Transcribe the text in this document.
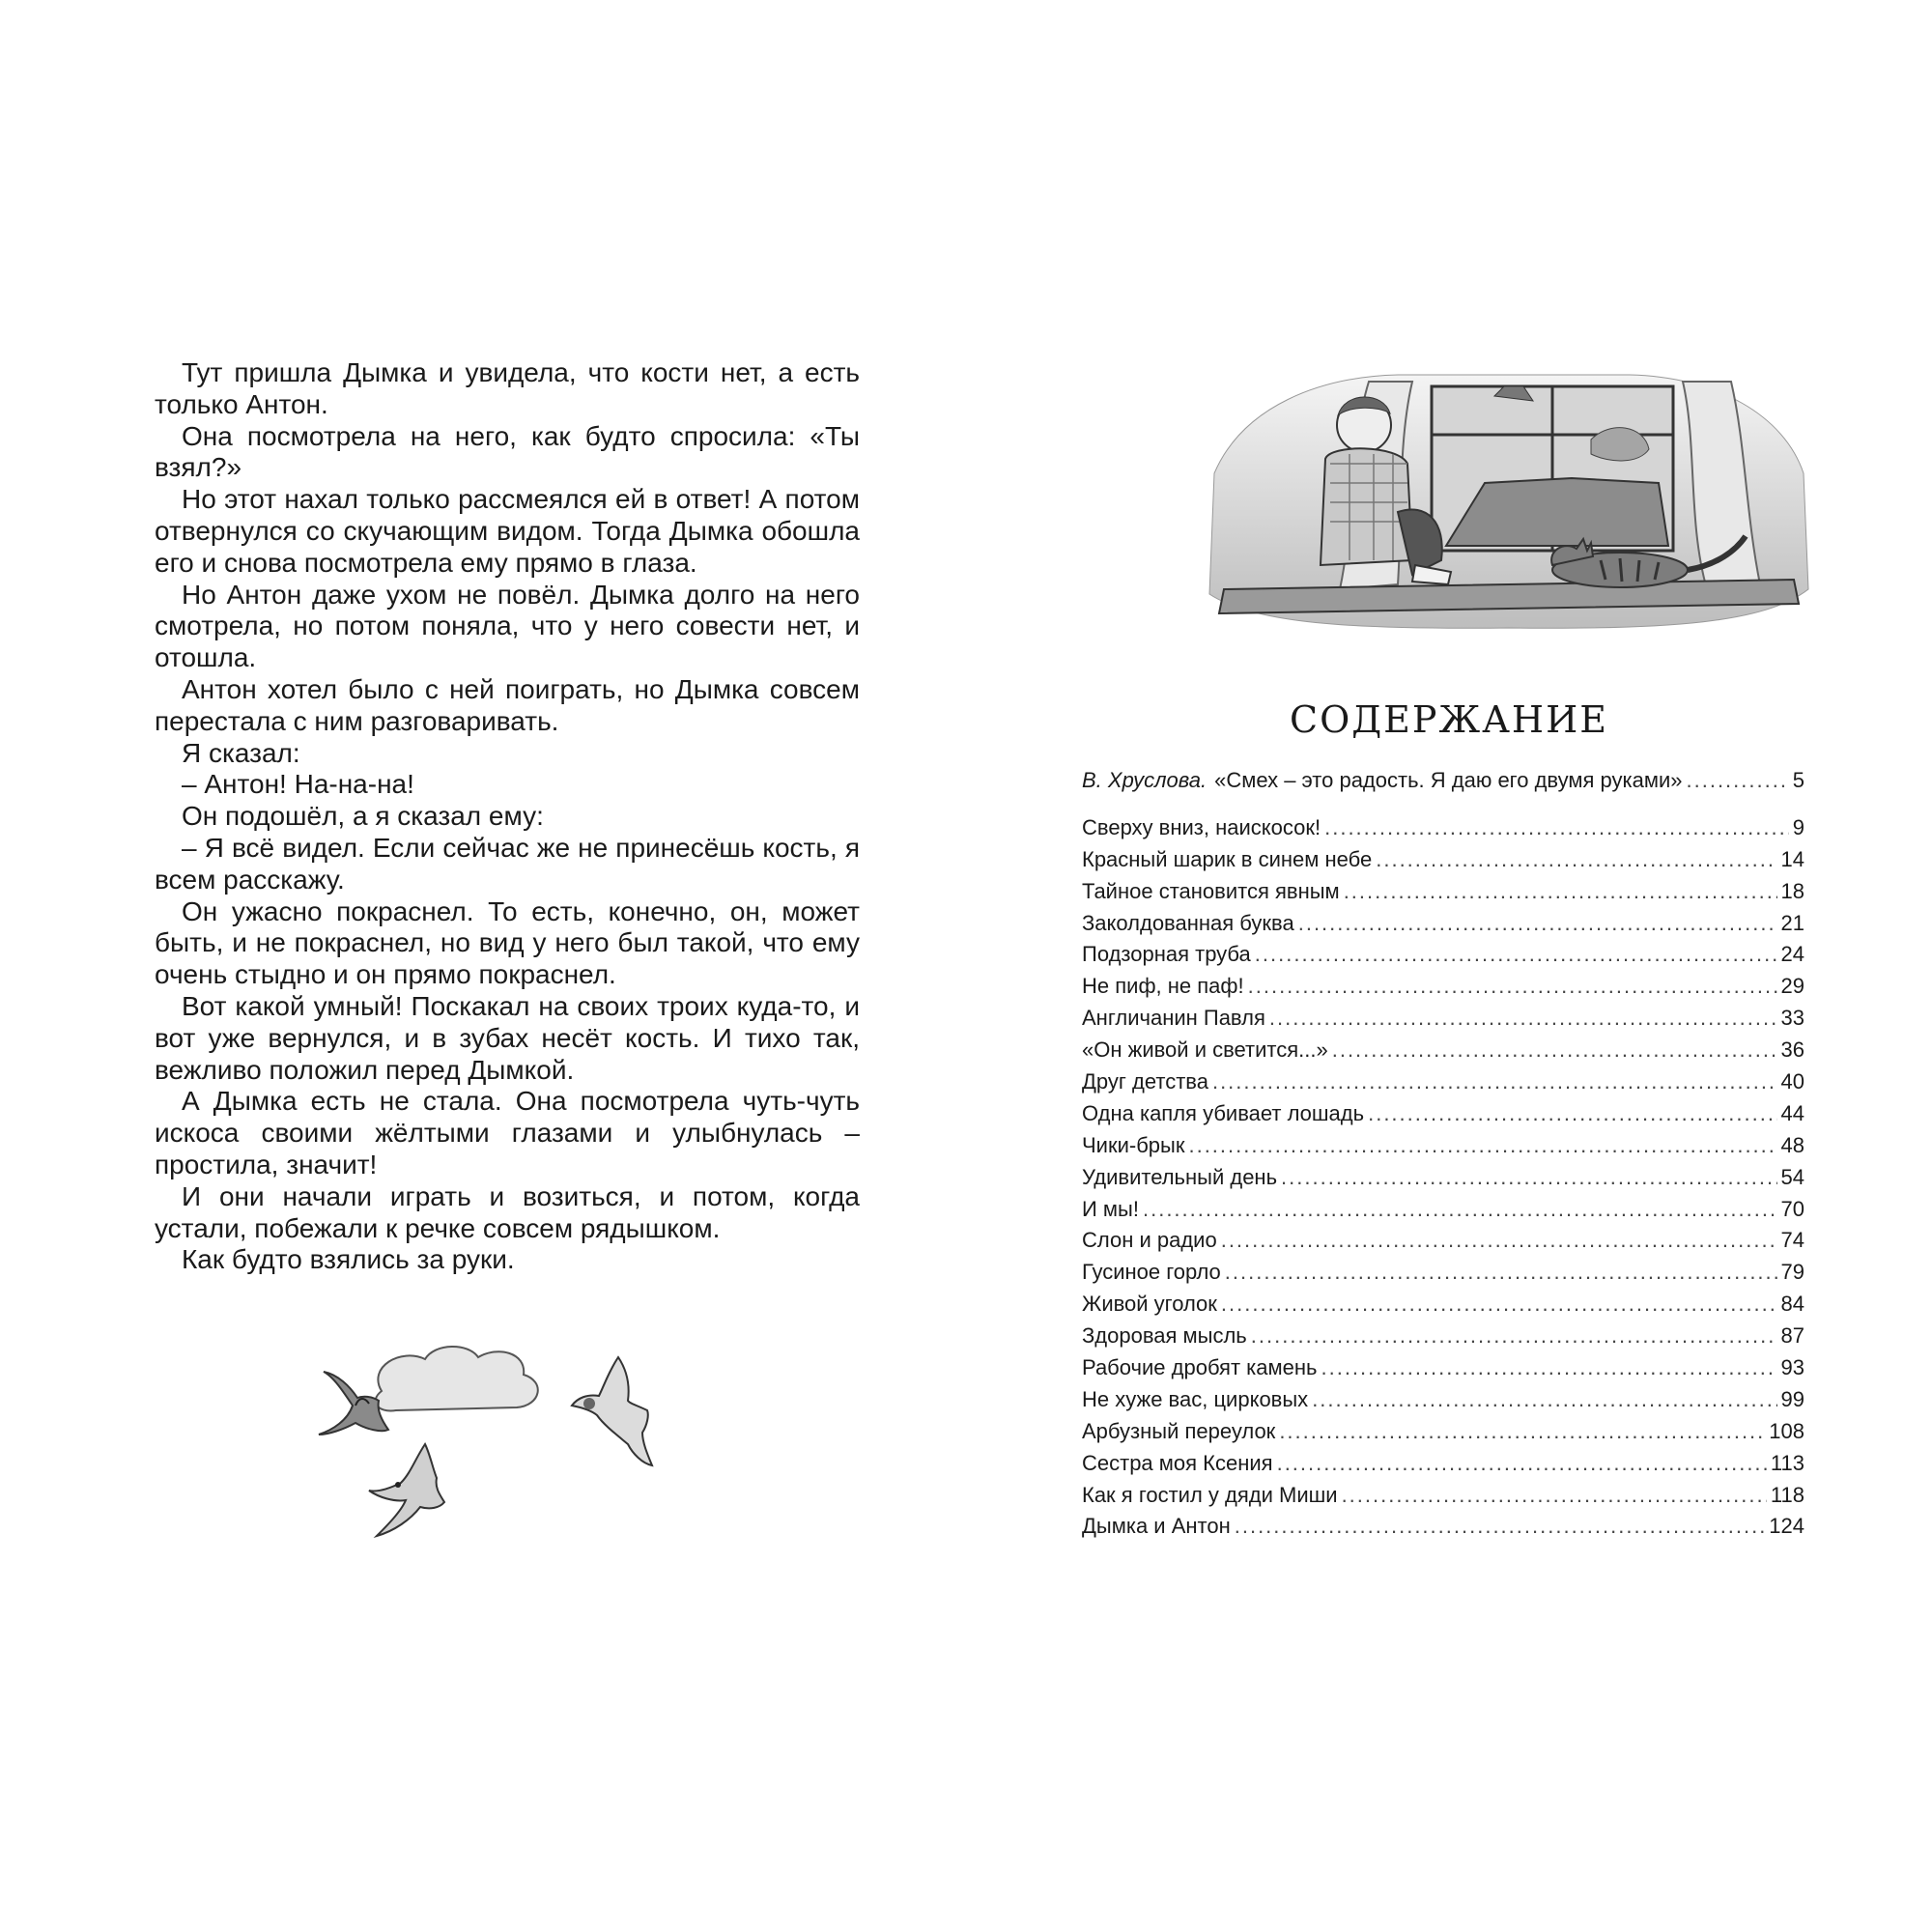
Тут пришла Дымка и увидела, что кости нет, а есть только Антон.

Она посмотрела на него, как будто спросила: «Ты взял?»

Но этот нахал только рассмеялся ей в ответ! А потом отвернулся со скучающим видом. Тогда Дымка обошла его и снова посмотрела ему прямо в глаза.

Но Антон даже ухом не повёл. Дымка долго на него смотрела, но потом поняла, что у него совести нет, и отошла.

Антон хотел было с ней поиграть, но Дымка совсем перестала с ним разговаривать.

Я сказал:

– Антон! На-на-на!

Он подошёл, а я сказал ему:

– Я всё видел. Если сейчас же не принесёшь кость, я всем расскажу.

Он ужасно покраснел. То есть, конечно, он, может быть, и не покраснел, но вид у него был такой, что ему очень стыдно и он прямо покраснел.

Вот какой умный! Поскакал на своих троих куда-то, и вот уже вернулся, и в зубах несёт кость. И тихо так, вежливо положил перед Дымкой.

А Дымка есть не стала. Она посмотрела чуть-чуть искоса своими жёлтыми глазами и улыбнулась – простила, значит!

И они начали играть и возиться, и потом, когда устали, побежали к речке совсем рядышком.

Как будто взялись за руки.

СОДЕРЖАНИЕ
В. Хруслова. «Смех – это радость. Я даю его двумя руками» .....	5
Сверху вниз, наискосок! .....	9
Красный шарик в синем небе .....	14
Тайное становится явным .....	18
Заколдованная буква .....	21
Подзорная труба .....	24
Не пиф, не паф! .....	29
Англичанин Павля .....	33
«Он живой и светится...» .....	36
Друг детства .....	40
Одна капля убивает лошадь .....	44
Чики-брык .....	48
Удивительный день .....	54
И мы! .....	70
Слон и радио .....	74
Гусиное горло .....	79
Живой уголок .....	84
Здоровая мысль .....	87
Рабочие дробят камень .....	93
Не хуже вас, цирковых .....	99
Арбузный переулок .....	108
Сестра моя Ксения .....	113
Как я гостил у дяди Миши .....	118
Дымка и Антон .....	124
